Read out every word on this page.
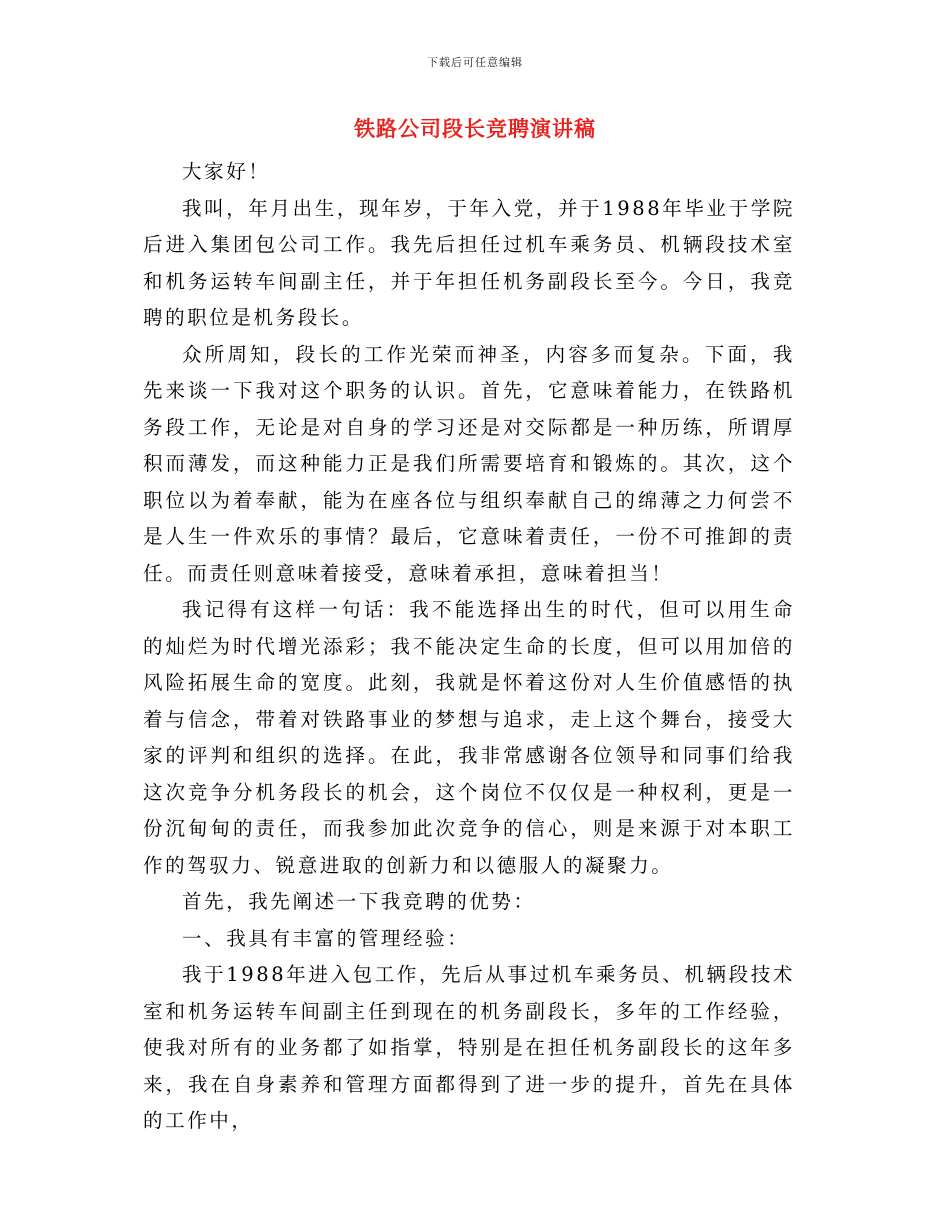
下载后可任意编辑
铁路公司段长竞聘演讲稿

大家好！

我叫，年月出生，现年岁，于年入党，并于1988年毕业于学院后进入集团包公司工作。我先后担任过机车乘务员、机辆段技术室和机务运转车间副主任，并于年担任机务副段长至今。今日，我竞聘的职位是机务段长。

众所周知，段长的工作光荣而神圣，内容多而复杂。下面，我先来谈一下我对这个职务的认识。首先，它意味着能力，在铁路机务段工作，无论是对自身的学习还是对交际都是一种历练，所谓厚积而薄发，而这种能力正是我们所需要培育和锻炼的。其次，这个职位以为着奉献，能为在座各位与组织奉献自己的绵薄之力何尝不是人生一件欢乐的事情？最后，它意味着责任，一份不可推卸的责任。而责任则意味着接受，意味着承担，意味着担当！

我记得有这样一句话：我不能选择出生的时代，但可以用生命的灿烂为时代增光添彩；我不能决定生命的长度，但可以用加倍的风险拓展生命的宽度。此刻，我就是怀着这份对人生价值感悟的执着与信念，带着对铁路事业的梦想与追求，走上这个舞台，接受大家的评判和组织的选择。在此，我非常感谢各位领导和同事们给我这次竞争分机务段长的机会，这个岗位不仅仅是一种权利，更是一份沉甸甸的责任，而我参加此次竞争的信心，则是来源于对本职工作的驾驭力、锐意进取的创新力和以德服人的凝聚力。

首先，我先阐述一下我竞聘的优势：

一、我具有丰富的管理经验：

我于1988年进入包工作，先后从事过机车乘务员、机辆段技术室和机务运转车间副主任到现在的机务副段长，多年的工作经验，使我对所有的业务都了如指掌，特别是在担任机务副段长的这年多来，我在自身素养和管理方面都得到了进一步的提升，首先在具体的工作中，
